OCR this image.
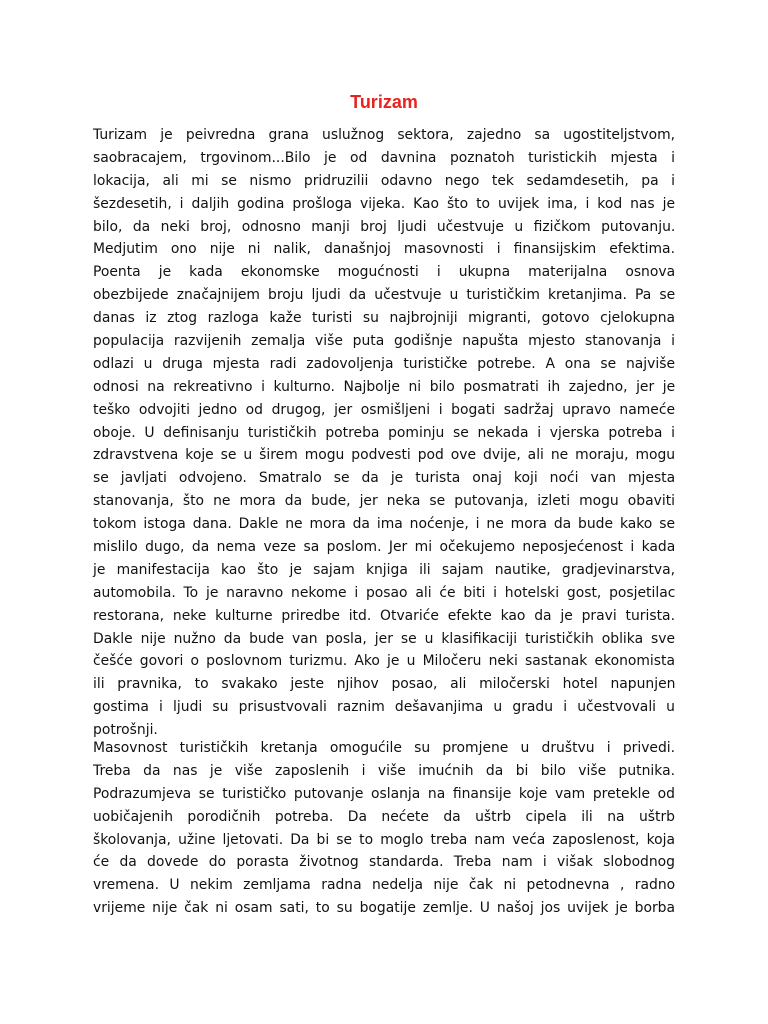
Turizam
Turizam je peivredna grana uslužnog sektora, zajedno sa ugostiteljstvom,
saobracajem, trgovinom...Bilo je od davnina poznatoh turistickih mjesta i
lokacija, ali mi se nismo pridruzilii odavno nego tek sedamdesetih, pa i
šezdesetih, i daljih godina prošloga vijeka. Kao što to uvijek ima, i kod nas je
bilo, da neki broj, odnosno manji broj ljudi učestvuje u fizičkom putovanju.
Medjutim ono nije ni nalik, današnjoj masovnosti i finansijskim efektima.
Poenta je kada ekonomske mogućnosti i ukupna materijalna osnova
obezbijede značajnijem broju ljudi da učestvuje u turističkim kretanjima. Pa se
danas iz ztog razloga kaže turisti su najbrojniji migranti, gotovo cjelokupna
populacija razvijenih zemalja više puta godišnje napušta mjesto stanovanja i
odlazi u druga mjesta radi zadovoljenja turističke potrebe. A ona se najviše
odnosi na rekreativno i kulturno. Najbolje ni bilo posmatrati ih zajedno, jer je
teško odvojiti jedno od drugog, jer osmišljeni i bogati sadržaj upravo nameće
oboje. U definisanju turističkih potreba pominju se nekada i vjerska potreba i
zdravstvena koje se u širem mogu podvesti pod ove dvije, ali ne moraju, mogu
se javljati odvojeno. Smatralo se da je turista onaj koji noći van mjesta
stanovanja, što ne mora da bude, jer neka se putovanja, izleti mogu obaviti
tokom istoga dana. Dakle ne mora da ima noćenje, i ne mora da bude kako se
mislilo dugo, da nema veze sa poslom. Jer mi očekujemo neposjećenost i kada
je manifestacija kao što je sajam knjiga ili sajam nautike, gradjevinarstva,
automobila. To je naravno nekome i posao ali će biti i hotelski gost, posjetilac
restorana, neke kulturne priredbe itd. Otvariće efekte kao da je pravi turista.
Dakle nije nužno da bude van posla, jer se u klasifikaciji turističkih oblika sve
češće govori o poslovnom turizmu. Ako je u Miločeru neki sastanak ekonomista
ili pravnika, to svakako jeste njihov posao, ali miločerski hotel napunjen
gostima i ljudi su prisustvovali raznim dešavanjima u gradu i učestvovali u
potrošnji.
Masovnost turističkih kretanja omogućile su promjene u društvu i privedi.
Treba da nas je više zaposlenih i više imućnih da bi bilo više putnika.
Podrazumjeva se turističko putovanje oslanja na finansije koje vam pretekle od
uobičajenih porodičnih potreba. Da nećete da uštrb cipela ili na uštrb
školovanja, užine ljetovati. Da bi se to moglo treba nam veća zaposlenost, koja
će da dovede do porasta životnog standarda. Treba nam i višak slobodnog
vremena. U nekim zemljama radna nedelja nije čak ni petodnevna , radno
vrijeme nije čak ni osam sati, to su bogatije zemlje. U našoj jos uvijek je borba
